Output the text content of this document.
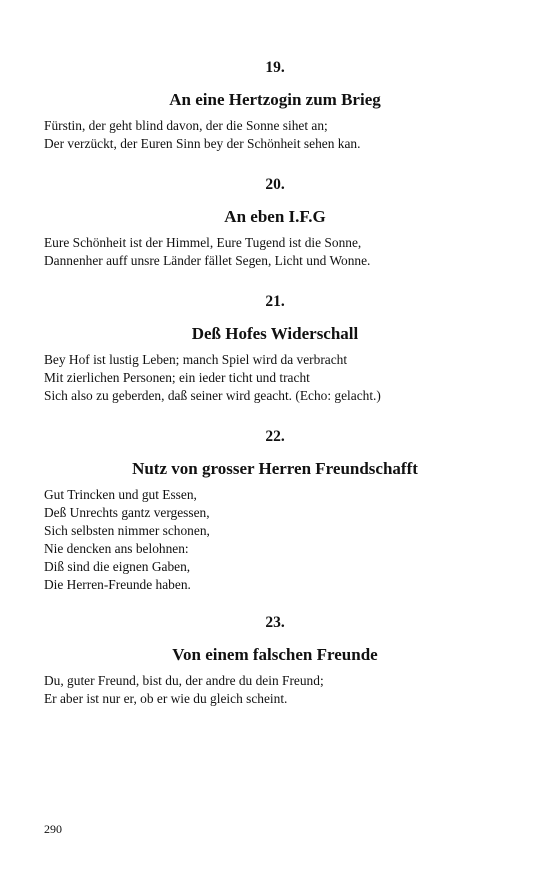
19.

An eine Hertzogin zum Brieg
Fürstin, der geht blind davon, der die Sonne sihet an;
Der verzückt, der Euren Sinn bey der Schönheit sehen kan.

20.

An eben I.F.G
Eure Schönheit ist der Himmel, Eure Tugend ist die Sonne,
Dannenher auff unsre Länder fället Segen, Licht und Wonne.

21.

Deß Hofes Widerschall
Bey Hof ist lustig Leben; manch Spiel wird da verbracht
Mit zierlichen Personen; ein ieder ticht und tracht
Sich also zu geberden, daß seiner wird geacht. (Echo: gelacht.)

22.

Nutz von grosser Herren Freundschafft
Gut Trincken und gut Essen,
Deß Unrechts gantz vergessen,
Sich selbsten nimmer schonen,
Nie dencken ans belohnen:
Diß sind die eignen Gaben,
Die Herren-Freunde haben.

23.

Von einem falschen Freunde
Du, guter Freund, bist du, der andre du dein Freund;
Er aber ist nur er, ob er wie du gleich scheint.
290
